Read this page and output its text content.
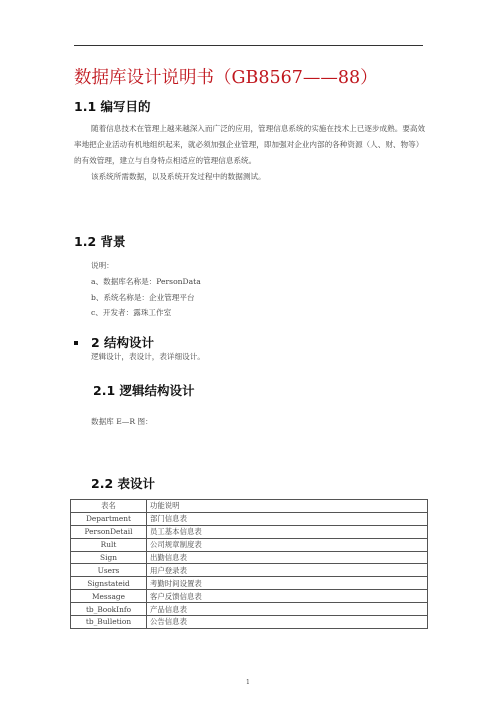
数据库设计说明书（GB8567——88）
1.1 编写目的

随着信息技术在管理上越来越深入而广泛的应用，管理信息系统的实施在技术上已逐步成熟。要高效率地把企业活动有机地组织起来，就必须加强企业管理，即加强对企业内部的各种资源（人、财、物等）的有效管理，建立与自身特点相适应的管理信息系统。

该系统所需数据，以及系统开发过程中的数据测试。

1.2 背景
说明：
a、数据库名称是：PersonData
b、系统名称是：企业管理平台
c、开发者：露珠工作室
2 结构设计
逻辑设计，表设计，表详细设计。
2.1 逻辑结构设计
数据库 E—R 图：
2.2 表设计
表名	功能说明
Department	部门信息表
PersonDetail	员工基本信息表
Rult	公司规章制度表
Sign	出勤信息表
Users	用户登录表
Signstateid	考勤时间设置表
Message	客户反馈信息表
tb_BookInfo	产品信息表
tb_Bulletion	公告信息表
1
